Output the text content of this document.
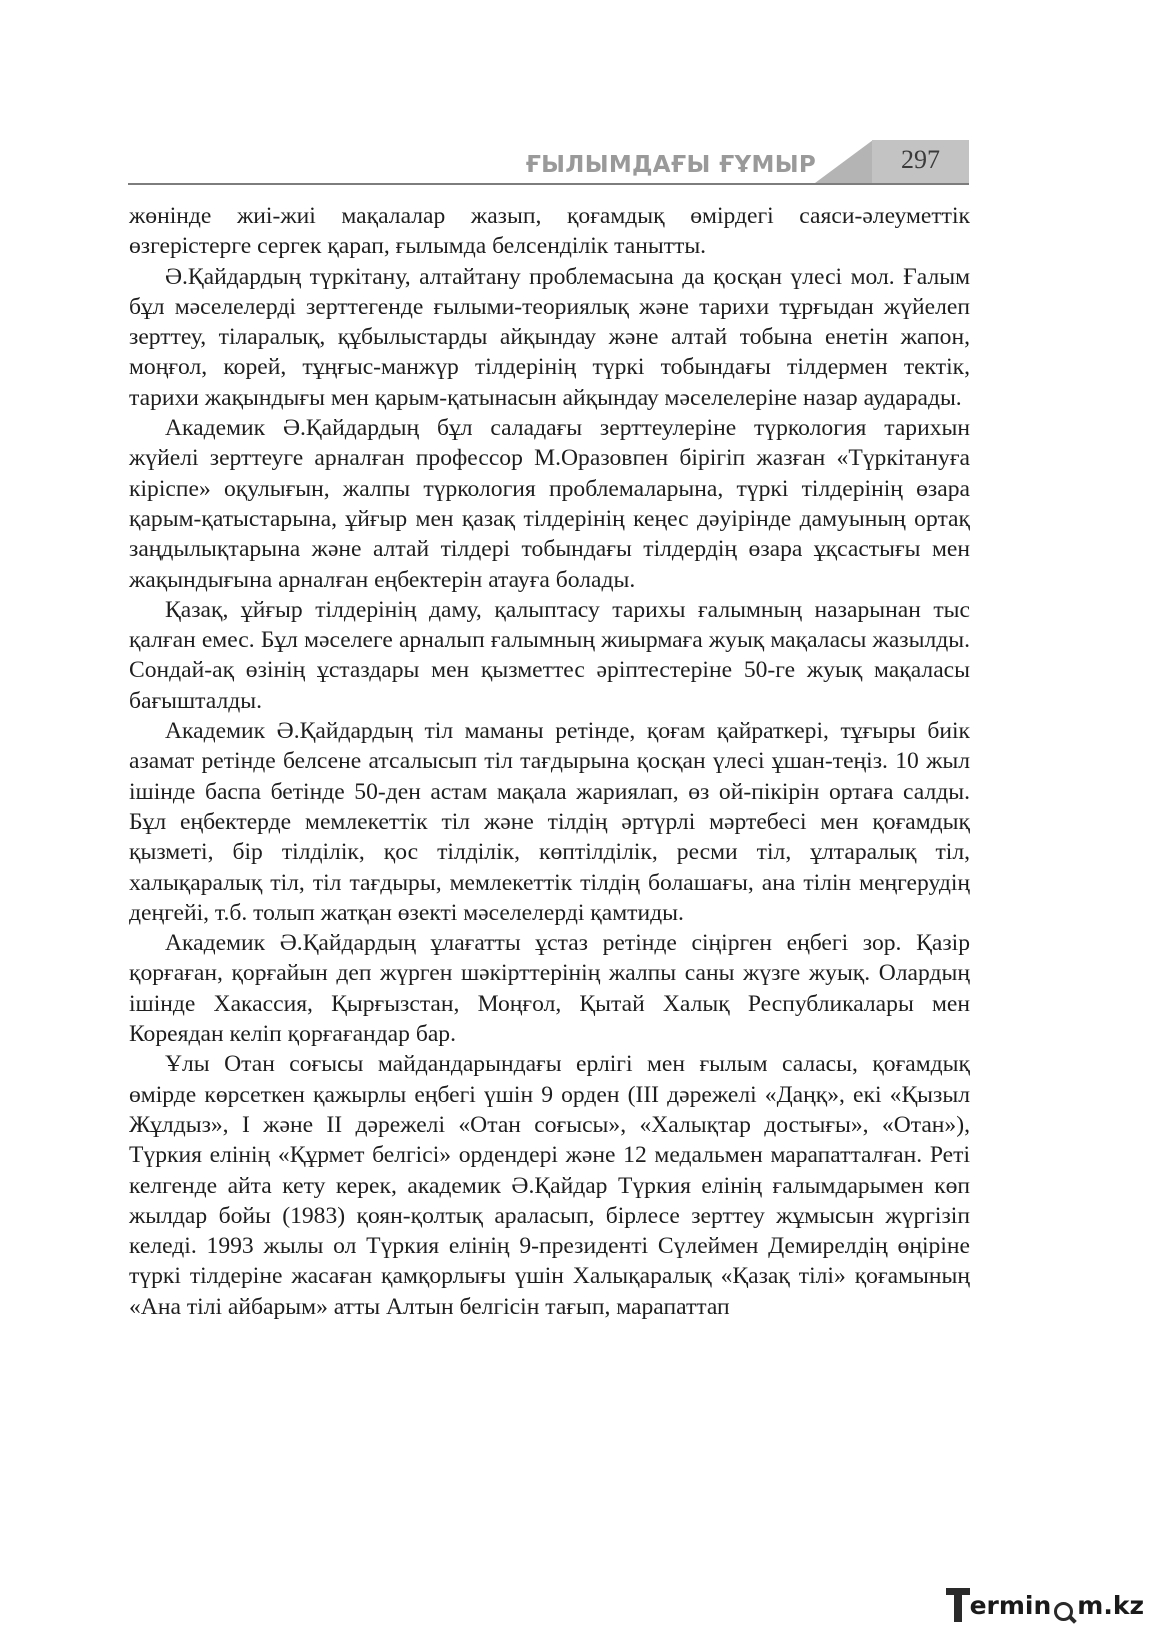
ҒЫЛЫМДАҒЫ ҒҰМЫР	297

жөнінде жиі-жиі мақалалар жазып, қоғамдық өмірдегі саяси-әлеуметтік өзгерістерге сергек қарап, ғылымда белсенділік танытты.

Ә.Қайдардың түркітану, алтайтану проблемасына да қосқан үлесі мол. Ғалым бұл мәселелерді зерттегенде ғылыми-теориялық және тарихи тұрғыдан жүйелеп зерттеу, тіларалық, құбылыстарды айқындау және алтай тобына енетін жапон, моңғол, корей, тұңғыс-манжүр тілдерінің түркі тобындағы тілдермен тектік, тарихи жақындығы мен қарым-қатынасын айқындау мәселелеріне назар аударады.

Академик Ә.Қайдардың бұл саладағы зерттеулеріне түркология тарихын жүйелі зерттеуге арналған профессор М.Оразовпен бірігіп жазған «Түркітануға кіріспе» оқулығын, жалпы түркология проблемаларына, түркі тілдерінің өзара қарым-қатыстарына, ұйғыр мен қазақ тілдерінің кеңес дәуірінде дамуының ортақ заңдылықтарына және алтай тілдері тобындағы тілдердің өзара ұқсастығы мен жақындығына арналған еңбектерін атауға болады.

Қазақ, ұйғыр тілдерінің даму, қалыптасу тарихы ғалымның назарынан тыс қалған емес. Бұл мәселеге арналып ғалымның жиырмаға жуық мақаласы жазылды. Сондай-ақ өзінің ұстаздары мен қызметтес әріптестеріне 50-ге жуық мақаласы бағышталды.

Академик Ә.Қайдардың тіл маманы ретінде, қоғам қайраткері, тұғыры биік азамат ретінде белсене атсалысып тіл тағдырына қосқан үлесі ұшан-теңіз. 10 жыл ішінде баспа бетінде 50-ден астам мақала жариялап, өз ой-пікірін ортаға салды. Бұл еңбектерде мемлекеттік тіл және тілдің әртүрлі мәртебесі мен қоғамдық қызметі, бір тілділік, қос тілділік, көптілділік, ресми тіл, ұлтаралық тіл, халықаралық тіл, тіл тағдыры, мемлекеттік тілдің болашағы, ана тілін меңгерудің деңгейі, т.б. толып жатқан өзекті мәселелерді қамтиды.

Академик Ә.Қайдардың ұлағатты ұстаз ретінде сіңірген еңбегі зор. Қазір қорғаған, қорғайын деп жүрген шәкірттерінің жалпы саны жүзге жуық. Олардың ішінде Хакассия, Қырғызстан, Моңғол, Қытай Халық Республикалары мен Кореядан келіп қорғағандар бар.

Ұлы Отан соғысы майдандарындағы ерлігі мен ғылым саласы, қоғамдық өмірде көрсеткен қажырлы еңбегі үшін 9 орден (ІІІ дәрежелі «Даңқ», екі «Қызыл Жұлдыз», І және ІІ дәрежелі «Отан соғысы», «Халықтар достығы», «Отан»), Түркия елінің «Құрмет белгісі» ордендері және 12 медальмен марапатталған. Реті келгенде айта кету керек, академик Ә.Қайдар Түркия елінің ғалымдарымен көп жылдар бойы (1983) қоян-қолтық араласып, бірлесе зерттеу жұмысын жүргізіп келеді. 1993 жылы ол Түркия елінің 9-президенті Сүлеймен Демирелдің өңіріне түркі тілдеріне жасаған қамқорлығы үшін Халықаралық «Қазақ тілі» қоғамының «Ана тілі айбарым» атты Алтын белгісін тағып, марапаттап

ermin m.kz
